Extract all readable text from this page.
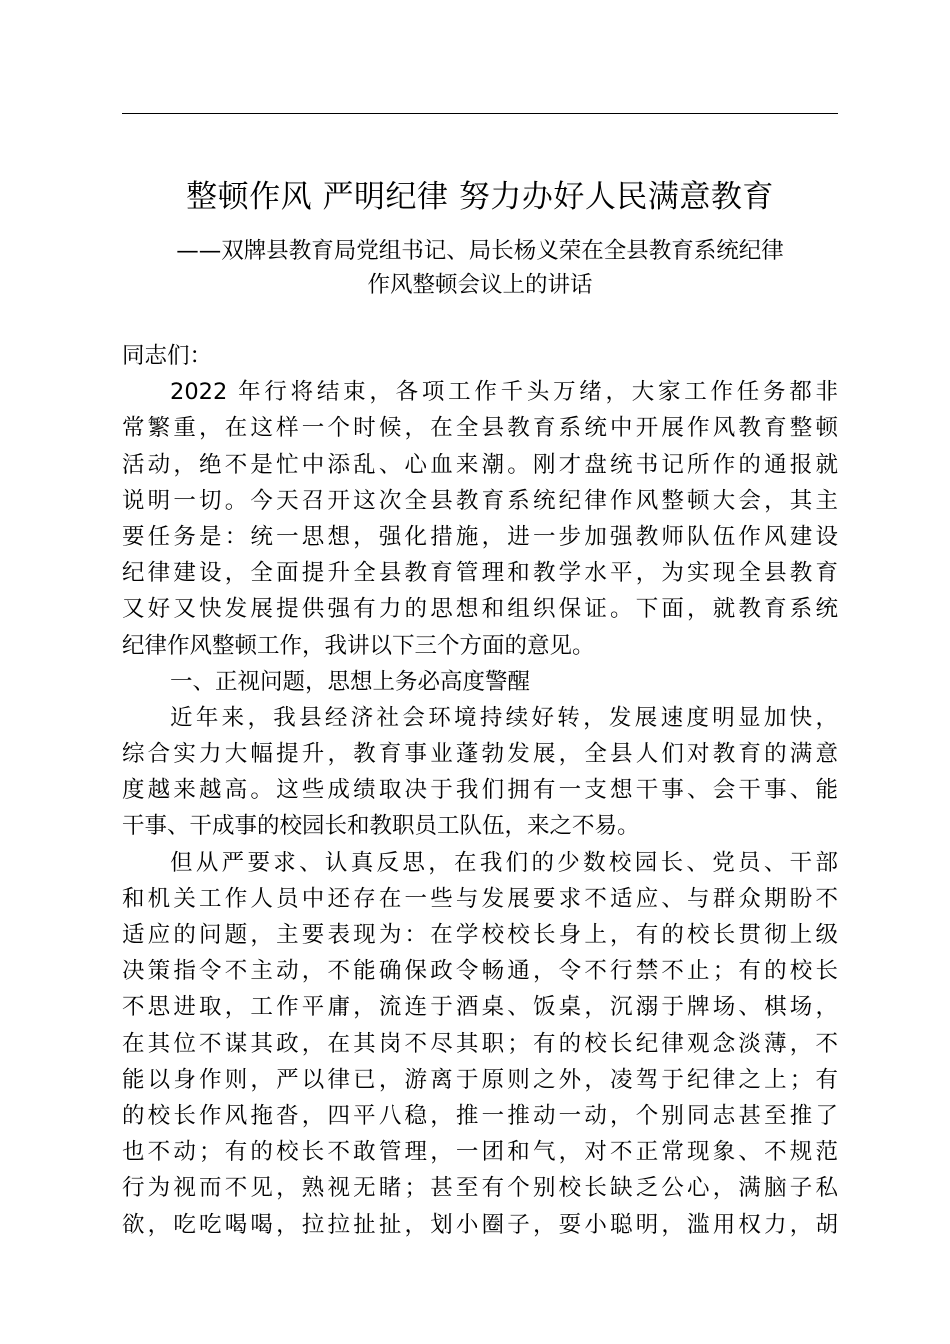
整顿作风 严明纪律 努力办好人民满意教育
——双牌县教育局党组书记、局长杨义荣在全县教育系统纪律
作风整顿会议上的讲话
同志们：
2022 年行将结束，各项工作千头万绪，大家工作任务都非
常繁重，在这样一个时候，在全县教育系统中开展作风教育整顿
活动，绝不是忙中添乱、心血来潮。刚才盘统书记所作的通报就
说明一切。今天召开这次全县教育系统纪律作风整顿大会，其主
要任务是：统一思想，强化措施，进一步加强教师队伍作风建设
纪律建设，全面提升全县教育管理和教学水平，为实现全县教育
又好又快发展提供强有力的思想和组织保证。下面，就教育系统
纪律作风整顿工作，我讲以下三个方面的意见。
一、正视问题，思想上务必高度警醒
近年来，我县经济社会环境持续好转，发展速度明显加快，
综合实力大幅提升，教育事业蓬勃发展，全县人们对教育的满意
度越来越高。这些成绩取决于我们拥有一支想干事、会干事、能
干事、干成事的校园长和教职员工队伍，来之不易。
但从严要求、认真反思，在我们的少数校园长、党员、干部
和机关工作人员中还存在一些与发展要求不适应、与群众期盼不
适应的问题，主要表现为：在学校校长身上，有的校长贯彻上级
决策指令不主动，不能确保政令畅通，令不行禁不止；有的校长
不思进取，工作平庸，流连于酒桌、饭桌，沉溺于牌场、棋场，
在其位不谋其政，在其岗不尽其职；有的校长纪律观念淡薄，不
能以身作则，严以律已，游离于原则之外，凌驾于纪律之上；有
的校长作风拖沓，四平八稳，推一推动一动，个别同志甚至推了
也不动；有的校长不敢管理，一团和气，对不正常现象、不规范
行为视而不见，熟视无睹；甚至有个别校长缺乏公心，满脑子私
欲，吃吃喝喝，拉拉扯扯，划小圈子，耍小聪明，滥用权力，胡
